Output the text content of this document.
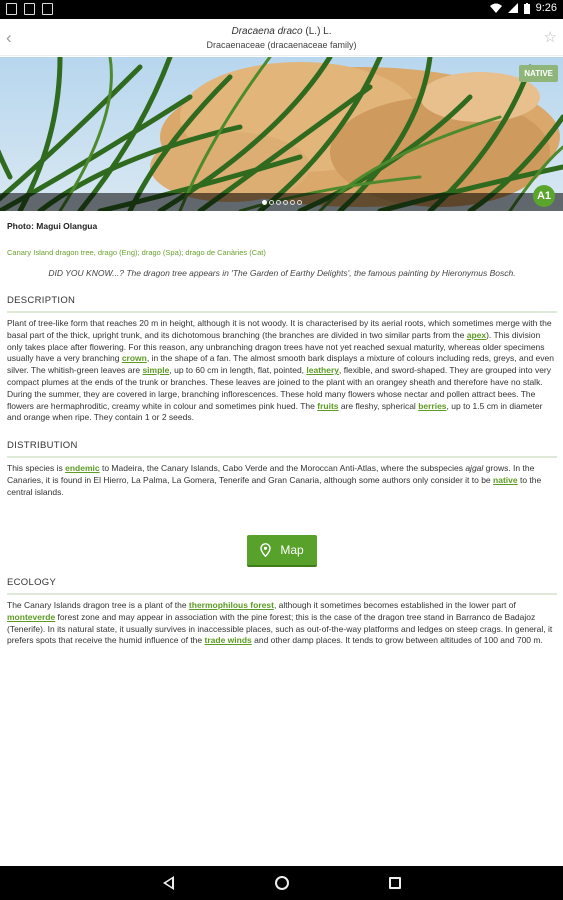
9:26
‹	Dracaena draco (L.) L.
Dracaenaceae (dracaenaceae family)	☆
NATIVE
A1
Photo: Magui Olangua
Canary Island dragon tree, drago (Eng); drago (Spa); drago de Canàries (Cat)
DID YOU KNOW...? The dragon tree appears in 'The Garden of Earthy Delights', the famous painting by Hieronymus Bosch.
DESCRIPTION
Plant of tree-like form that reaches 20 m in height, although it is not woody. It is characterised by its aerial roots, which sometimes merge with the basal part of the thick, upright trunk, and its dichotomous branching (the branches are divided in two similar parts from the apex). This division only takes place after flowering. For this reason, any unbranching dragon trees have not yet reached sexual maturity, whereas older specimens usually have a very branching crown, in the shape of a fan. The almost smooth bark displays a mixture of colours including reds, greys, and even silver. The whitish-green leaves are simple, up to 60 cm in length, flat, pointed, leathery, flexible, and sword-shaped. They are grouped into very compact plumes at the ends of the trunk or branches. These leaves are joined to the plant with an orangey sheath and therefore have no stalk. During the summer, they are covered in large, branching inflorescences. These hold many flowers whose nectar and pollen attract bees. The flowers are hermaphroditic, creamy white in colour and sometimes pink hued. The fruits are fleshy, spherical berries, up to 1.5 cm in diameter and orange when ripe. They contain 1 or 2 seeds.
DISTRIBUTION
This species is endemic to Madeira, the Canary Islands, Cabo Verde and the Moroccan Anti-Atlas, where the subspecies ajgal grows. In the Canaries, it is found in El Hierro, La Palma, La Gomera, Tenerife and Gran Canaria, although some authors only consider it to be native to the central islands.
Map
ECOLOGY
The Canary Islands dragon tree is a plant of the thermophilous forest, although it sometimes becomes established in the lower part of monteverde forest zone and may appear in association with the pine forest; this is the case of the dragon tree stand in Barranco de Badajoz (Tenerife). In its natural state, it usually survives in inaccessible places, such as out-of-the-way platforms and ledges on steep crags. In general, it prefers spots that receive the humid influence of the trade winds and other damp places. It tends to grow between altitudes of 100 and 700 m.
